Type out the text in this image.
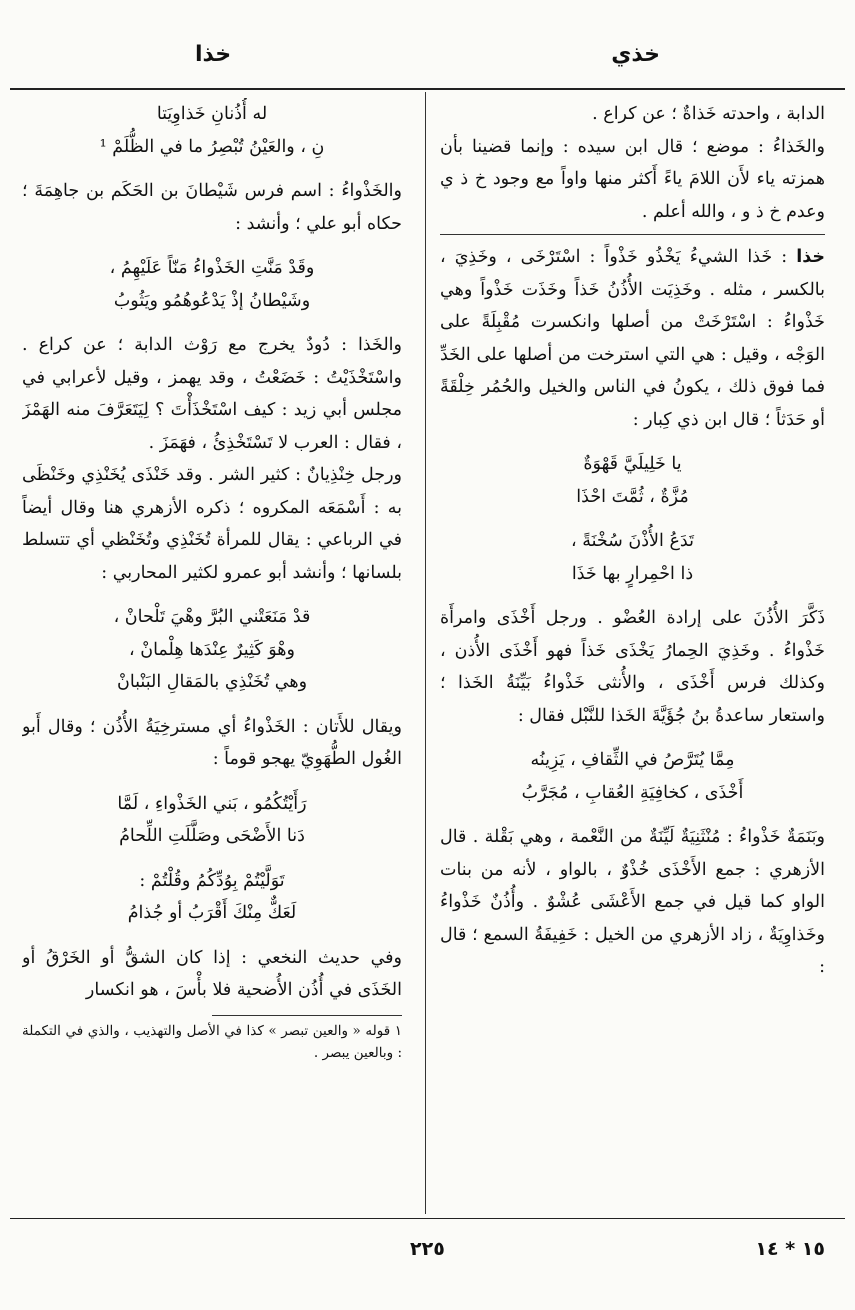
خذي
خذا

الدابة ، واحدته خَذاةٌ ؛ عن كراع .

والخَذاءُ : موضع ؛ قال ابن سيده : وإنما قضينا بأن همزته ياء لأَن اللامَ ياءً أَكثر منها واواً مع وجود خ ذ ي وعدم خ ذ و ، والله أعلم .

خذا : خَذا الشيءُ يَخْذُو خَذْواً : اسْتَرْخَى ، وخَذِيَ ، بالكسر ، مثله . وخَذِيَت الأُذُنُ خَذاً وخَذَت خَذْواً وهي خَذْواءُ : اسْتَرْخَتْ من أصلها وانكسرت مُقْبِلَةً على الوَجْه ، وقيل : هي التي استرخت من أصلها على الخَدِّ فما فوق ذلك ، يكونُ في الناس والخيل والحُمُر خِلْقَةً أو حَدَثاً ؛ قال ابن ذي كِبار :

يا خَلِيلَيَّ قَهْوَةٌ
مُزَّةٌ ، ثُمَّتَ احْذَا
تَدَعُ الأُذْنَ سُخْنَةً ،
ذا احْمِرارٍ بها خَذَا

ذَكَّرَ الأُذُنَ على إرادة العُضْو . ورجل أَخْذَى وامرأَة خَذْواءُ . وخَذِيَ الحِمارُ يَخْذَى خَذاً فهو أَخْذَى الأُذن ، وكذلك فرس أَخْذَى ، والأُنثى خَذْواءُ بَيِّنَةُ الخَذا ؛ واستعار ساعدةُ بنُ جُؤَيَّةَ الخَذا للنَّبْل فقال :

مِمَّا يُتَرَّصُ في الثِّقافِ ، يَزِينُه
أَخْذَى ، كخافِيَةِ العُقابِ ، مُجَرَّبُ

وبَنَمَةٌ خَذْواءُ : مُنْثَنِيَةٌ لَيِّنَةٌ من النَّعْمة ، وهي بَقْلة . قال الأزهري : جمع الأَخْذَى خُذْوٌ ، بالواو ، لأنه من بنات الواو كما قيل في جمع الأَعْشَى عُشْوٌ . وأُذُنٌ خَذْواءُ وخَذاوِيَةٌ ، زاد الأزهري من الخيل : خَفِيفَةُ السمع ؛ قال :

له أُذُنانِ خَذاوِيَتا
نِ ، والعَيْنُ تُبْصِرُ ما في الظُّلَمْ ¹

والخَذْواءُ : اسم فرس شَيْطانَ بن الحَكَم بن جاهِمَةَ ؛ حكاه أبو علي ؛ وأنشد :

وقَدْ مَنَّتِ الخَذْواءُ مَنّاً عَلَيْهِمُ ،
وشَيْطانُ إذْ يَدْعُوهُمُو ويَثُوبُ

والخَذا : دُودٌ يخرج مع رَوْث الدابة ؛ عن كراع . واسْتَخْذَيْتُ : خَضَعْتُ ، وقد يهمز ، وقيل لأعرابي في مجلس أبي زيد : كيف اسْتَخْذَأْتَ ؟ لِيَتَعَرَّفَ منه الهَمْزَ ، فقال : العرب لا تَسْتَخْذِئُ ، فهَمَزَ .

ورجل خِنْذِيانٌ : كثير الشر . وقد خَنْذَى يُخَنْذِي وخَنْظَى به : أَسْمَعَه المكروه ؛ ذكره الأزهري هنا وقال أيضاً في الرباعي : يقال للمرأة تُخَنْذِي وتُخَنْظي أي تتسلط بلسانها ؛ وأنشد أبو عمرو لكثير المحاربي :

قدْ مَنَعَتْني البُرَّ وهْيَ تَلْحانْ ،
وهْوَ كَثِيرٌ عِنْدَها هِلْمانْ ،
وهي تُخَنْذِي بالمَقالِ البَنْبانْ

ويقال للأَتان : الخَذْواءُ أي مسترخِيَةُ الأُذُن ؛ وقال أَبو الغُول الطُّهَوِيّ يهجو قوماً :

رَأَيْتُكُمُو ، بَني الخَذْواءِ ، لَمَّا
دَنا الأَضْحَى وصَلَّلَتِ اللِّحامُ
تَوَلَّيْتُمْ بِوُدِّكُمُ وقُلْتُمْ :
لَعَكٌّ مِنْكَ أَقْرَبُ أو جُذامُ

وفي حديث النخعي : إذا كان الشقُّ أو الخَرْقُ أو الخَذَى في أُذُن الأُضحية فلا بأْسَ ، هو انكسار

١ قوله « والعين تبصر » كذا في الأصل والتهذيب ، والذي في التكملة : وبالعين يبصر .

١٥ * ١٤
٢٢٥
